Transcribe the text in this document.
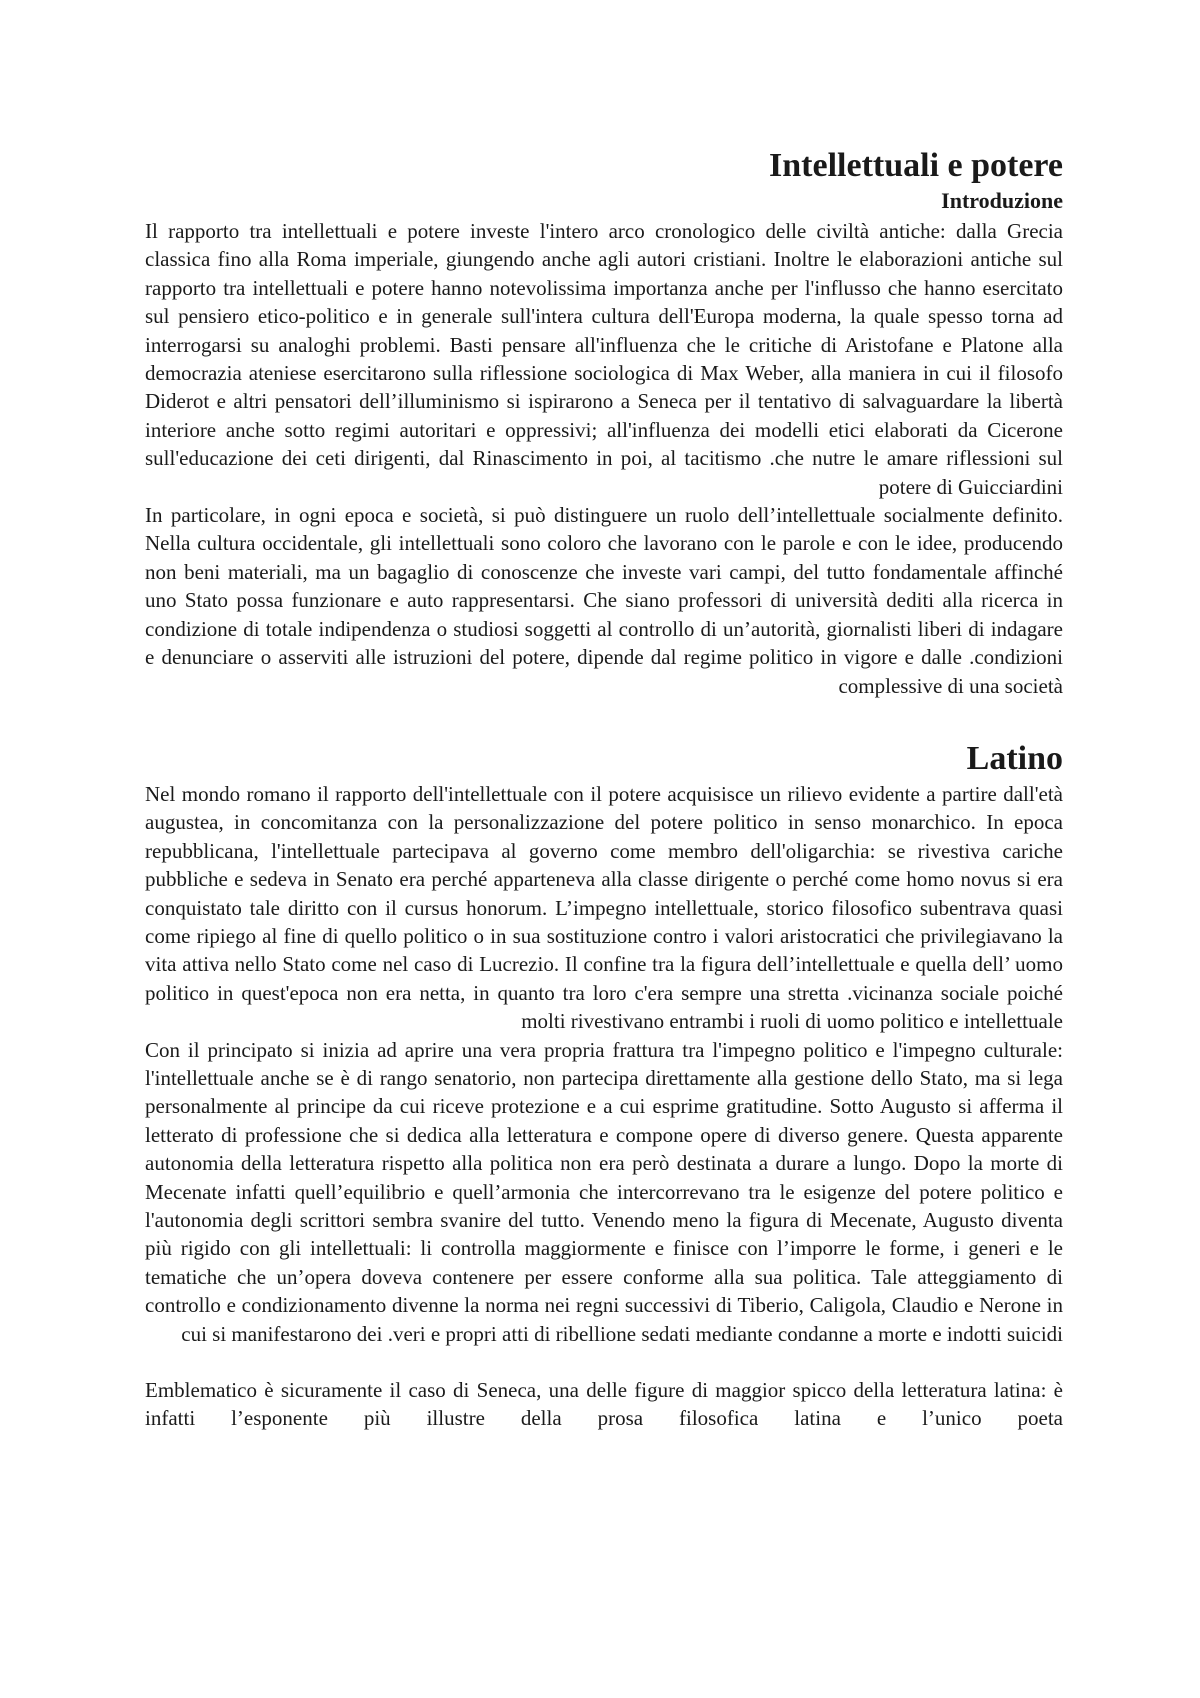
Intellettuali e potere
Introduzione

Il rapporto tra intellettuali e potere investe l'intero arco cronologico delle civiltà antiche: dalla Grecia classica fino alla Roma imperiale, giungendo anche agli autori cristiani. Inoltre le elaborazioni antiche sul rapporto tra intellettuali e potere hanno notevolissima importanza anche per l'influsso che hanno esercitato sul pensiero etico-politico e in generale sull'intera cultura dell'Europa moderna, la quale spesso torna ad interrogarsi su analoghi problemi. Basti pensare all'influenza che le critiche di Aristofane e Platone alla democrazia ateniese esercitarono sulla riflessione sociologica di Max Weber, alla maniera in cui il filosofo Diderot e altri pensatori dell’illuminismo si ispirarono a Seneca per il tentativo di salvaguardare la libertà interiore anche sotto regimi autoritari e oppressivi; all'influenza dei modelli etici elaborati da Cicerone sull'educazione dei ceti dirigenti, dal Rinascimento in poi, al tacitismo .che nutre le amare riflessioni sul potere di Guicciardini

In particolare, in ogni epoca e società, si può distinguere un ruolo dell’intellettuale socialmente definito. Nella cultura occidentale, gli intellettuali sono coloro che lavorano con le parole e con le idee, producendo non beni materiali, ma un bagaglio di conoscenze che investe vari campi, del tutto fondamentale affinché uno Stato possa funzionare e auto rappresentarsi. Che siano professori di università dediti alla ricerca in condizione di totale indipendenza o studiosi soggetti al controllo di un’autorità, giornalisti liberi di indagare e denunciare o asserviti alle istruzioni del potere, dipende dal regime politico in vigore e dalle .condizioni complessive di una società

Latino

Nel mondo romano il rapporto dell'intellettuale con il potere acquisisce un rilievo evidente a partire dall'età augustea, in concomitanza con la personalizzazione del potere politico in senso monarchico. In epoca repubblicana, l'intellettuale partecipava al governo come membro dell'oligarchia: se rivestiva cariche pubbliche e sedeva in Senato era perché apparteneva alla classe dirigente o perché come homo novus si era conquistato tale diritto con il cursus honorum. L’impegno intellettuale, storico filosofico subentrava quasi come ripiego al fine di quello politico o in sua sostituzione contro i valori aristocratici che privilegiavano la vita attiva nello Stato come nel caso di Lucrezio. Il confine tra la figura dell’intellettuale e quella dell’ uomo politico in quest'epoca non era netta, in quanto tra loro c'era sempre una stretta .vicinanza sociale poiché molti rivestivano entrambi i ruoli di uomo politico e intellettuale

Con il principato si inizia ad aprire una vera propria frattura tra l'impegno politico e l'impegno culturale: l'intellettuale anche se è di rango senatorio, non partecipa direttamente alla gestione dello Stato, ma si lega personalmente al principe da cui riceve protezione e a cui esprime gratitudine. Sotto Augusto si afferma il letterato di professione che si dedica alla letteratura e compone opere di diverso genere. Questa apparente autonomia della letteratura rispetto alla politica non era però destinata a durare a lungo. Dopo la morte di Mecenate infatti quell’equilibrio e quell’armonia che intercorrevano tra le esigenze del potere politico e l'autonomia degli scrittori sembra svanire del tutto. Venendo meno la figura di Mecenate, Augusto diventa più rigido con gli intellettuali: li controlla maggiormente e finisce con l’imporre le forme, i generi e le tematiche che un’opera doveva contenere per essere conforme alla sua politica. Tale atteggiamento di controllo e condizionamento divenne la norma nei regni successivi di Tiberio, Caligola, Claudio e Nerone in cui si manifestarono dei .veri e propri atti di ribellione sedati mediante condanne a morte e indotti suicidi

Emblematico è sicuramente il caso di Seneca, una delle figure di maggior spicco della letteratura latina: è infatti l’esponente più illustre della prosa filosofica latina e l’unico poeta
